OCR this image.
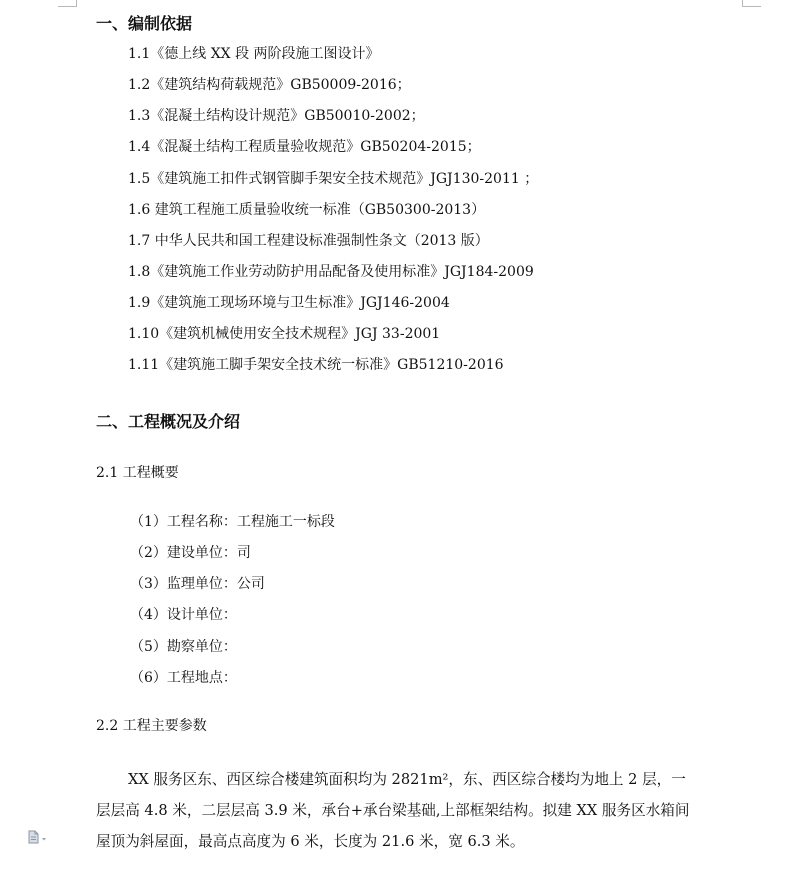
一、编制依据
1.1《德上线 XX 段 两阶段施工图设计》
1.2《建筑结构荷载规范》GB50009-2016；
1.3《混凝土结构设计规范》GB50010-2002；
1.4《混凝土结构工程质量验收规范》GB50204-2015；
1.5《建筑施工扣件式钢管脚手架安全技术规范》JGJ130-2011 ；
1.6 建筑工程施工质量验收统一标准（GB50300-2013）
1.7 中华人民共和国工程建设标准强制性条文（2013 版）
1.8《建筑施工作业劳动防护用品配备及使用标准》JGJ184-2009
1.9《建筑施工现场环境与卫生标准》JGJ146-2004
1.10《建筑机械使用安全技术规程》JGJ 33-2001
1.11《建筑施工脚手架安全技术统一标准》GB51210-2016
二、工程概况及介绍
2.1 工程概要
（1）工程名称：工程施工一标段
（2）建设单位：司
（3）监理单位：公司
（4）设计单位：
（5）勘察单位：
（6）工程地点：
2.2 工程主要参数
XX 服务区东、西区综合楼建筑面积均为 2821m²，东、西区综合楼均为地上 2 层，一
层层高 4.8 米，二层层高 3.9 米，承台+承台梁基础,上部框架结构。拟建 XX 服务区水箱间
屋顶为斜屋面，最高点高度为 6 米，长度为 21.6 米，宽 6.3 米。
